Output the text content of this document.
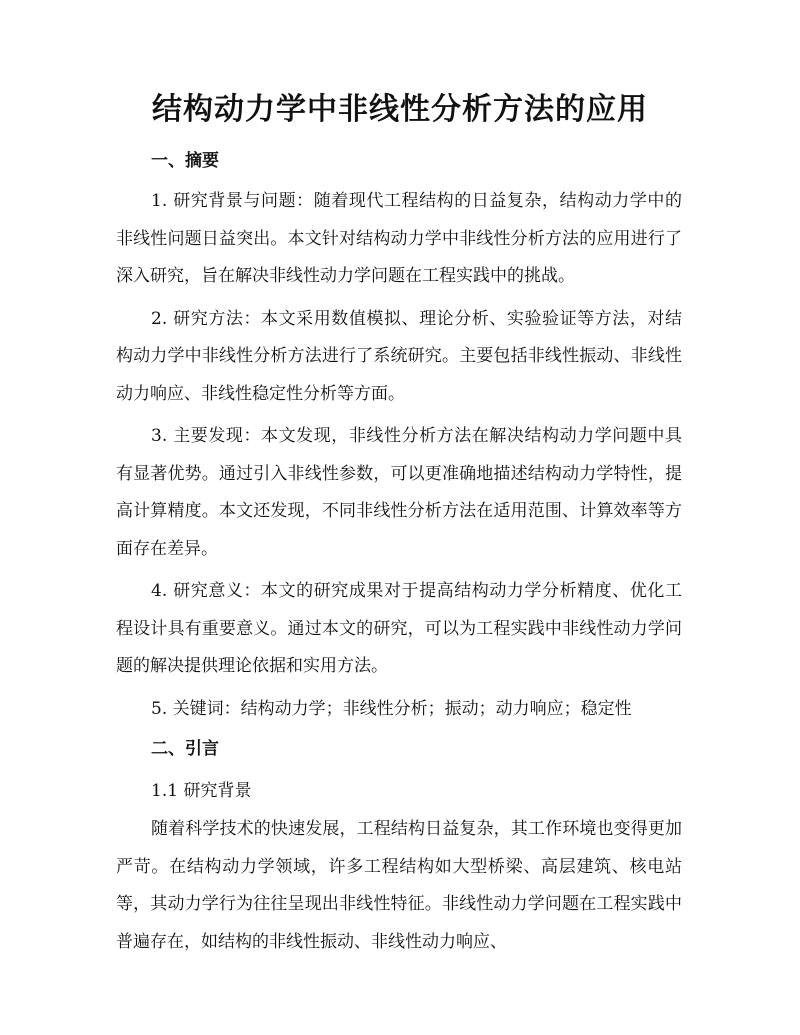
结构动力学中非线性分析方法的应用

一、摘要

1. 研究背景与问题：随着现代工程结构的日益复杂，结构动力学中的非线性问题日益突出。本文针对结构动力学中非线性分析方法的应用进行了深入研究，旨在解决非线性动力学问题在工程实践中的挑战。

2. 研究方法：本文采用数值模拟、理论分析、实验验证等方法，对结构动力学中非线性分析方法进行了系统研究。主要包括非线性振动、非线性动力响应、非线性稳定性分析等方面。

3. 主要发现：本文发现，非线性分析方法在解决结构动力学问题中具有显著优势。通过引入非线性参数，可以更准确地描述结构动力学特性，提高计算精度。本文还发现，不同非线性分析方法在适用范围、计算效率等方面存在差异。

4. 研究意义：本文的研究成果对于提高结构动力学分析精度、优化工程设计具有重要意义。通过本文的研究，可以为工程实践中非线性动力学问题的解决提供理论依据和实用方法。

5. 关键词：结构动力学；非线性分析；振动；动力响应；稳定性

二、引言

1.1 研究背景

随着科学技术的快速发展，工程结构日益复杂，其工作环境也变得更加严苛。在结构动力学领域，许多工程结构如大型桥梁、高层建筑、核电站等，其动力学行为往往呈现出非线性特征。非线性动力学问题在工程实践中普遍存在，如结构的非线性振动、非线性动力响应、
